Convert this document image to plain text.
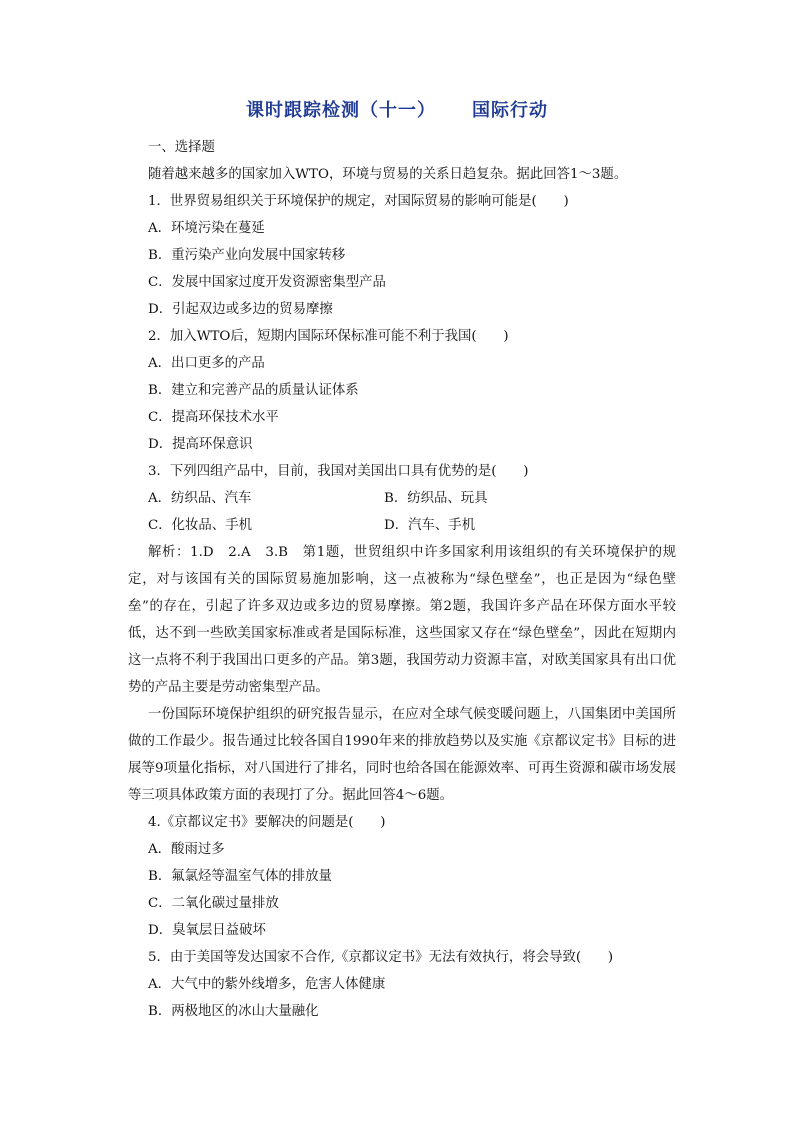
课时跟踪检测（十一） 国际行动
一、选择题
随着越来越多的国家加入WTO，环境与贸易的关系日趋复杂。据此回答1～3题。
1．世界贸易组织关于环境保护的规定，对国际贸易的影响可能是(　　)
A．环境污染在蔓延
B．重污染产业向发展中国家转移
C．发展中国家过度开发资源密集型产品
D．引起双边或多边的贸易摩擦
2．加入WTO后，短期内国际环保标准可能不利于我国(　　)
A．出口更多的产品
B．建立和完善产品的质量认证体系
C．提高环保技术水平
D．提高环保意识
3．下列四组产品中，目前，我国对美国出口具有优势的是(　　)
A．纺织品、汽车	B．纺织品、玩具
C．化妆品、手机	D．汽车、手机
解析：1.D　2.A　3.B　第1题，世贸组织中许多国家利用该组织的有关环境保护的规定，对与该国有关的国际贸易施加影响，这一点被称为“绿色壁垒”，也正是因为“绿色壁垒”的存在，引起了许多双边或多边的贸易摩擦。第2题，我国许多产品在环保方面水平较低，达不到一些欧美国家标准或者是国际标准，这些国家又存在“绿色壁垒”，因此在短期内这一点将不利于我国出口更多的产品。第3题，我国劳动力资源丰富，对欧美国家具有出口优势的产品主要是劳动密集型产品。
一份国际环境保护组织的研究报告显示，在应对全球气候变暖问题上，八国集团中美国所做的工作最少。报告通过比较各国自1990年来的排放趋势以及实施《京都议定书》目标的进展等9项量化指标，对八国进行了排名，同时也给各国在能源效率、可再生资源和碳市场发展等三项具体政策方面的表现打了分。据此回答4～6题。
4.《京都议定书》要解决的问题是(　　)
A．酸雨过多
B．氟氯烃等温室气体的排放量
C．二氧化碳过量排放
D．臭氧层日益破坏
5．由于美国等发达国家不合作,《京都议定书》无法有效执行，将会导致(　　)
A．大气中的紫外线增多，危害人体健康
B．两极地区的冰山大量融化
